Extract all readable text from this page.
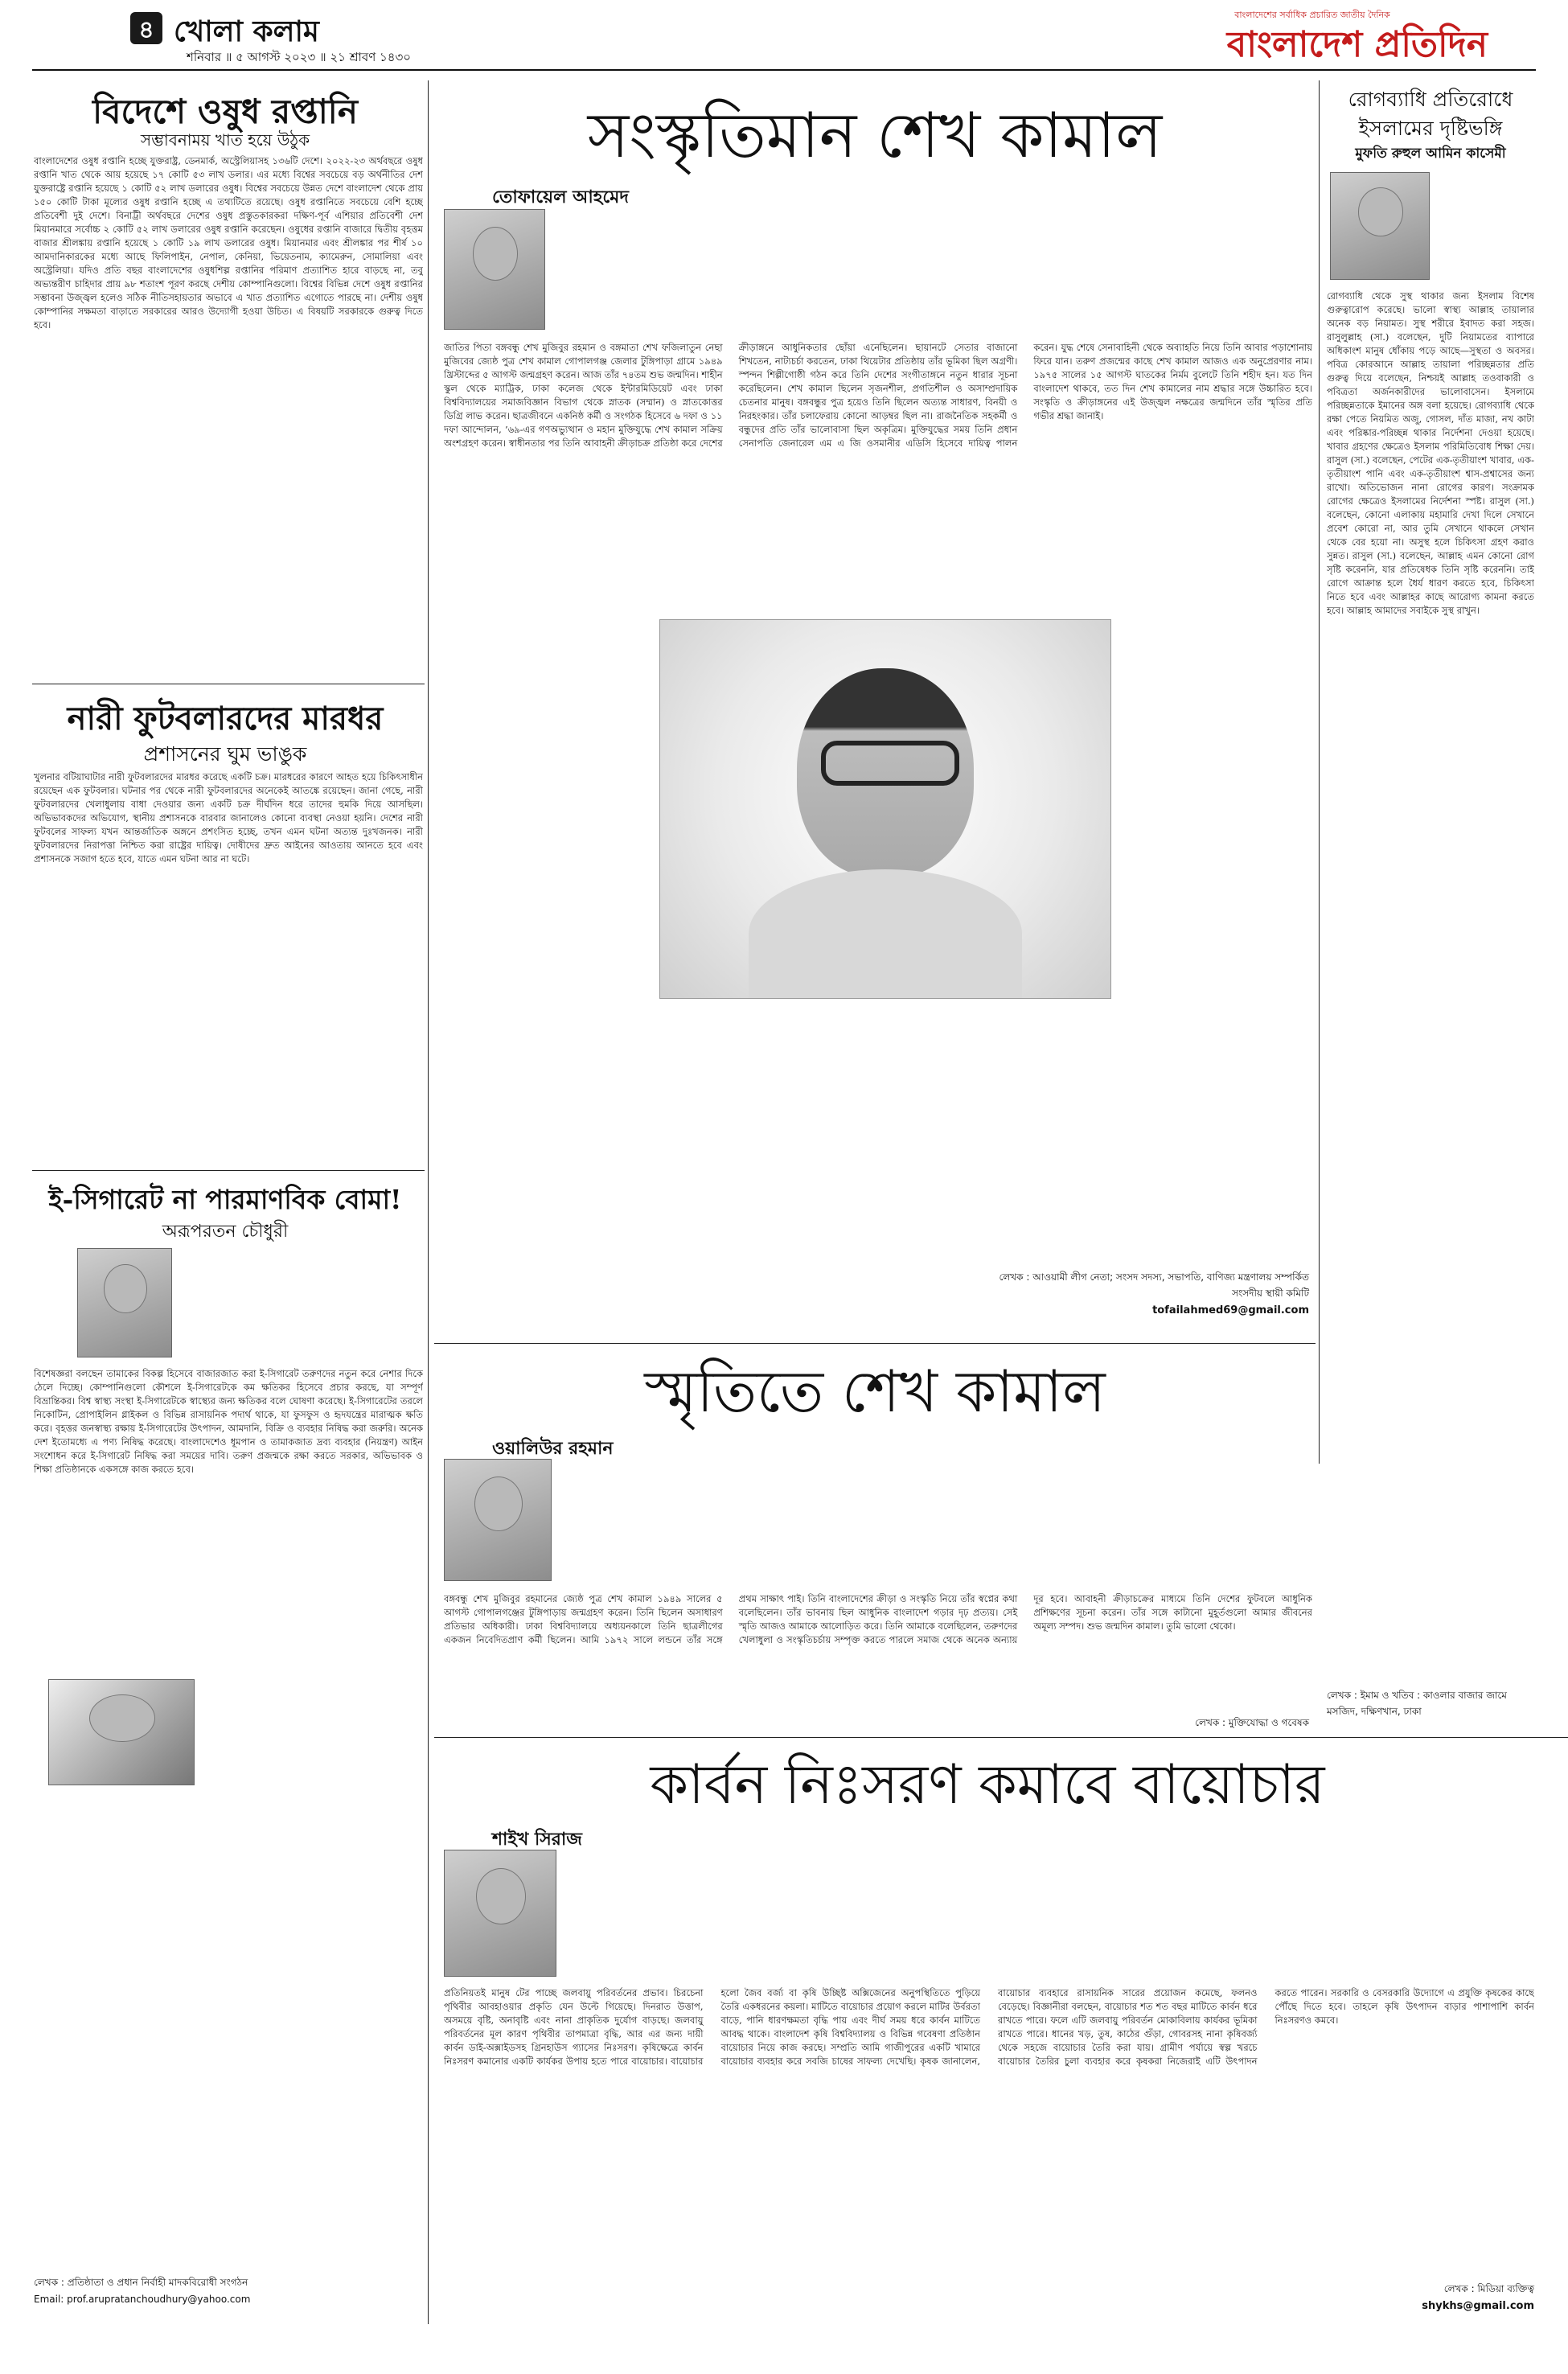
৪ খোলা কলাম
শনিবার ॥ ৫ আগস্ট ২০২৩ ॥ ২১ শ্রাবণ ১৪৩০
বাংলাদেশের সর্বাধিক প্রচারিত জাতীয় দৈনিক
বাংলাদেশ প্রতিদিন
বিদেশে ওষুধ রপ্তানি
সম্ভাবনাময় খাত হয়ে উঠুক
বাংলাদেশের ওষুধ রপ্তানি হচ্ছে যুক্তরাষ্ট্র, ডেনমার্ক, অস্ট্রেলিয়াসহ ১৩৬টি দেশে। ২০২২-২৩ অর্থবছরে ওষুধ রপ্তানি খাত থেকে আয় হয়েছে ১৭ কোটি ৫৩ লাখ ডলার। এর মধ্যে বিশ্বের সবচেয়ে বড় অর্থনীতির দেশ যুক্তরাষ্ট্রে রপ্তানি হয়েছে ১ কোটি ৫২ লাখ ডলারের ওষুধ। বিশ্বের সবচেয়ে উন্নত দেশে বাংলাদেশ থেকে প্রায় ১৫০ কোটি টাকা মূল্যের ওষুধ রপ্তানি হচ্ছে এ তথ্যটিতে রয়েছে। ওষুধ রপ্তানিতে সবচেয়ে বেশি হচ্ছে প্রতিবেশী দুই দেশে। বিনাট্রী অর্থবছরে দেশের ওষুধ প্রস্তুতকারকরা দক্ষিণ-পূর্ব এশিয়ার প্রতিবেশী দেশ মিয়ানমারে সর্বোচ্চ ২ কোটি ৫২ লাখ ডলারের ওষুধ রপ্তানি করেছেন। ওষুধের রপ্তানি বাজারে দ্বিতীয় বৃহত্তম বাজার শ্রীলঙ্কায় রপ্তানি হয়েছে ১ কোটি ১৯ লাখ ডলারের ওষুধ। মিয়ানমার এবং শ্রীলঙ্কার পর শীর্ষ ১০ আমদানিকারকের মধ্যে আছে ফিলিপাইন, নেপাল, কেনিয়া, ভিয়েতনাম, ক্যামেরুন, সোমালিয়া এবং অস্ট্রেলিয়া। যদিও প্রতি বছর বাংলাদেশের ওষুধশিল্প রপ্তানির পরিমাণ প্রত্যাশিত হারে বাড়ছে না, তবু অভ্যন্তরীণ চাহিদার প্রায় ৯৮ শতাংশ পূরণ করছে দেশীয় কোম্পানিগুলো। বিশ্বের বিভিন্ন দেশে ওষুধ রপ্তানির সম্ভাবনা উজ্জ্বল হলেও সঠিক নীতিসহায়তার অভাবে এ খাত প্রত্যাশিত এগোতে পারছে না। দেশীয় ওষুধ কোম্পানির সক্ষমতা বাড়াতে সরকারের আরও উদ্যোগী হওয়া উচিত। এ বিষয়টি সরকারকে গুরুত্ব দিতে হবে।
নারী ফুটবলারদের মারধর
প্রশাসনের ঘুম ভাঙুক
খুলনার বটিয়াঘাটার নারী ফুটবলারদের মারধর করেছে একটি চক্র। মারধরের কারণে আহত হয়ে চিকিৎসাধীন রয়েছেন এক ফুটবলার। ঘটনার পর থেকে নারী ফুটবলারদের অনেকেই আতঙ্কে রয়েছেন। জানা গেছে, নারী ফুটবলারদের খেলাধুলায় বাধা দেওয়ার জন্য একটি চক্র দীর্ঘদিন ধরে তাদের হুমকি দিয়ে আসছিল। অভিভাবকদের অভিযোগ, স্থানীয় প্রশাসনকে বারবার জানালেও কোনো ব্যবস্থা নেওয়া হয়নি। দেশের নারী ফুটবলের সাফল্য যখন আন্তর্জাতিক অঙ্গনে প্রশংসিত হচ্ছে, তখন এমন ঘটনা অত্যন্ত দুঃখজনক। নারী ফুটবলারদের নিরাপত্তা নিশ্চিত করা রাষ্ট্রের দায়িত্ব। দোষীদের দ্রুত আইনের আওতায় আনতে হবে এবং প্রশাসনকে সজাগ হতে হবে, যাতে এমন ঘটনা আর না ঘটে।
ই-সিগারেট না পারমাণবিক বোমা!
অরূপরতন চৌধুরী
বিশেষজ্ঞরা বলছেন তামাকের বিকল্প হিসেবে বাজারজাত করা ই-সিগারেট তরুণদের নতুন করে নেশার দিকে ঠেলে দিচ্ছে। কোম্পানিগুলো কৌশলে ই-সিগারেটকে কম ক্ষতিকর হিসেবে প্রচার করছে, যা সম্পূর্ণ বিভ্রান্তিকর। বিশ্ব স্বাস্থ্য সংস্থা ই-সিগারেটকে স্বাস্থ্যের জন্য ক্ষতিকর বলে ঘোষণা করেছে। ই-সিগারেটের তরলে নিকোটিন, প্রোপাইলিন গ্লাইকল ও বিভিন্ন রাসায়নিক পদার্থ থাকে, যা ফুসফুস ও হৃদযন্ত্রের মারাত্মক ক্ষতি করে। বৃহত্তর জনস্বাস্থ্য রক্ষায় ই-সিগারেটের উৎপাদন, আমদানি, বিক্রি ও ব্যবহার নিষিদ্ধ করা জরুরি। অনেক দেশ ইতোমধ্যে এ পণ্য নিষিদ্ধ করেছে। বাংলাদেশেও ধূমপান ও তামাকজাত দ্রব্য ব্যবহার (নিয়ন্ত্রণ) আইন সংশোধন করে ই-সিগারেট নিষিদ্ধ করা সময়ের দাবি। তরুণ প্রজন্মকে রক্ষা করতে সরকার, অভিভাবক ও শিক্ষা প্রতিষ্ঠানকে একসঙ্গে কাজ করতে হবে।
লেখক : প্রতিষ্ঠাতা ও প্রধান নির্বাহী মাদকবিরোধী সংগঠন
Email: prof.arupratanchoudhury@yahoo.com
সংস্কৃতিমান শেখ কামাল
তোফায়েল আহমেদ
জাতির পিতা বঙ্গবন্ধু শেখ মুজিবুর রহমান ও বঙ্গমাতা শেখ ফজিলাতুন নেছা মুজিবের জ্যেষ্ঠ পুত্র শেখ কামাল গোপালগঞ্জ জেলার টুঙ্গিপাড়া গ্রামে ১৯৪৯ খ্রিস্টাব্দের ৫ আগস্ট জন্মগ্রহণ করেন। আজ তাঁর ৭৪তম শুভ জন্মদিন। শাহীন স্কুল থেকে ম্যাট্রিক, ঢাকা কলেজ থেকে ইন্টারমিডিয়েট এবং ঢাকা বিশ্ববিদ্যালয়ের সমাজবিজ্ঞান বিভাগ থেকে স্নাতক (সম্মান) ও স্নাতকোত্তর ডিগ্রি লাভ করেন। ছাত্রজীবনে একনিষ্ঠ কর্মী ও সংগঠক হিসেবে ৬ দফা ও ১১ দফা আন্দোলন, ’৬৯-এর গণঅভ্যুত্থান ও মহান মুক্তিযুদ্ধে শেখ কামাল সক্রিয় অংশগ্রহণ করেন। স্বাধীনতার পর তিনি আবাহনী ক্রীড়াচক্র প্রতিষ্ঠা করে দেশের ক্রীড়াঙ্গনে আধুনিকতার ছোঁয়া এনেছিলেন। ছায়ানটে সেতার বাজানো শিখতেন, নাট্যচর্চা করতেন, ঢাকা থিয়েটার প্রতিষ্ঠায় তাঁর ভূমিকা ছিল অগ্রণী। স্পন্দন শিল্পীগোষ্ঠী গঠন করে তিনি দেশের সংগীতাঙ্গনে নতুন ধারার সূচনা করেছিলেন। শেখ কামাল ছিলেন সৃজনশীল, প্রগতিশীল ও অসাম্প্রদায়িক চেতনার মানুষ। বঙ্গবন্ধুর পুত্র হয়েও তিনি ছিলেন অত্যন্ত সাধারণ, বিনয়ী ও নিরহংকার। তাঁর চলাফেরায় কোনো আড়ম্বর ছিল না। রাজনৈতিক সহকর্মী ও বন্ধুদের প্রতি তাঁর ভালোবাসা ছিল অকৃত্রিম। মুক্তিযুদ্ধের সময় তিনি প্রধান সেনাপতি জেনারেল এম এ জি ওসমানীর এডিসি হিসেবে দায়িত্ব পালন করেন। যুদ্ধ শেষে সেনাবাহিনী থেকে অব্যাহতি নিয়ে তিনি আবার পড়াশোনায় ফিরে যান। তরুণ প্রজন্মের কাছে শেখ কামাল আজও এক অনুপ্রেরণার নাম। ১৯৭৫ সালের ১৫ আগস্ট ঘাতকের নির্মম বুলেটে তিনি শহীদ হন। যত দিন বাংলাদেশ থাকবে, তত দিন শেখ কামালের নাম শ্রদ্ধার সঙ্গে উচ্চারিত হবে। সংস্কৃতি ও ক্রীড়াঙ্গনের এই উজ্জ্বল নক্ষত্রের জন্মদিনে তাঁর স্মৃতির প্রতি গভীর শ্রদ্ধা জানাই।
লেখক : আওয়ামী লীগ নেতা; সংসদ সদস্য, সভাপতি, বাণিজ্য মন্ত্রণালয় সম্পর্কিত সংসদীয় স্থায়ী কমিটি
tofailahmed69@gmail.com
স্মৃতিতে শেখ কামাল
ওয়ালিউর রহমান
বঙ্গবন্ধু শেখ মুজিবুর রহমানের জ্যেষ্ঠ পুত্র শেখ কামাল ১৯৪৯ সালের ৫ আগস্ট গোপালগঞ্জের টুঙ্গিপাড়ায় জন্মগ্রহণ করেন। তিনি ছিলেন অসাধারণ প্রতিভার অধিকারী। ঢাকা বিশ্ববিদ্যালয়ে অধ্যয়নকালে তিনি ছাত্রলীগের একজন নিবেদিতপ্রাণ কর্মী ছিলেন। আমি ১৯৭২ সালে লন্ডনে তাঁর সঙ্গে প্রথম সাক্ষাৎ পাই। তিনি বাংলাদেশের ক্রীড়া ও সংস্কৃতি নিয়ে তাঁর স্বপ্নের কথা বলেছিলেন। তাঁর ভাবনায় ছিল আধুনিক বাংলাদেশ গড়ার দৃঢ় প্রত্যয়। সেই স্মৃতি আজও আমাকে আলোড়িত করে। তিনি আমাকে বলেছিলেন, তরুণদের খেলাধুলা ও সংস্কৃতিচর্চায় সম্পৃক্ত করতে পারলে সমাজ থেকে অনেক অন্যায় দূর হবে। আবাহনী ক্রীড়াচক্রের মাধ্যমে তিনি দেশের ফুটবলে আধুনিক প্রশিক্ষণের সূচনা করেন। তাঁর সঙ্গে কাটানো মুহূর্তগুলো আমার জীবনের অমূল্য সম্পদ। শুভ জন্মদিন কামাল। তুমি ভালো থেকো।
লেখক : মুক্তিযোদ্ধা ও গবেষক
কার্বন নিঃসরণ কমাবে বায়োচার
শাইখ সিরাজ
প্রতিনিয়তই মানুষ টের পাচ্ছে জলবায়ু পরিবর্তনের প্রভাব। চিরচেনা পৃথিবীর আবহাওয়ার প্রকৃতি যেন উল্টে গিয়েছে। দিনরাত উত্তাপ, অসময়ে বৃষ্টি, অনাবৃষ্টি এবং নানা প্রাকৃতিক দুর্যোগ বাড়ছে। জলবায়ু পরিবর্তনের মূল কারণ পৃথিবীর তাপমাত্রা বৃদ্ধি, আর এর জন্য দায়ী কার্বন ডাই-অক্সাইডসহ গ্রিনহাউস গ্যাসের নিঃসরণ। কৃষিক্ষেত্রে কার্বন নিঃসরণ কমানোর একটি কার্যকর উপায় হতে পারে বায়োচার। বায়োচার হলো জৈব বর্জ্য বা কৃষি উচ্ছিষ্ট অক্সিজেনের অনুপস্থিতিতে পুড়িয়ে তৈরি একধরনের কয়লা। মাটিতে বায়োচার প্রয়োগ করলে মাটির উর্বরতা বাড়ে, পানি ধারণক্ষমতা বৃদ্ধি পায় এবং দীর্ঘ সময় ধরে কার্বন মাটিতে আবদ্ধ থাকে। বাংলাদেশ কৃষি বিশ্ববিদ্যালয় ও বিভিন্ন গবেষণা প্রতিষ্ঠান বায়োচার নিয়ে কাজ করছে। সম্প্রতি আমি গাজীপুরের একটি খামারে বায়োচার ব্যবহার করে সবজি চাষের সাফল্য দেখেছি। কৃষক জানালেন, বায়োচার ব্যবহারে রাসায়নিক সারের প্রয়োজন কমেছে, ফলনও বেড়েছে। বিজ্ঞানীরা বলছেন, বায়োচার শত শত বছর মাটিতে কার্বন ধরে রাখতে পারে। ফলে এটি জলবায়ু পরিবর্তন মোকাবিলায় কার্যকর ভূমিকা রাখতে পারে। ধানের খড়, তুষ, কাঠের গুঁড়া, গোবরসহ নানা কৃষিবর্জ্য থেকে সহজে বায়োচার তৈরি করা যায়। গ্রামীণ পর্যায়ে স্বল্প খরচে বায়োচার তৈরির চুলা ব্যবহার করে কৃষকরা নিজেরাই এটি উৎপাদন করতে পারেন। সরকারি ও বেসরকারি উদ্যোগে এ প্রযুক্তি কৃষকের কাছে পৌঁছে দিতে হবে। তাহলে কৃষি উৎপাদন বাড়ার পাশাপাশি কার্বন নিঃসরণও কমবে।
লেখক : মিডিয়া ব্যক্তিত্ব
shykhs@gmail.com
রোগব্যাধি প্রতিরোধে
ইসলামের দৃষ্টিভঙ্গি
মুফতি রুহুল আমিন কাসেমী
রোগব্যাধি থেকে সুস্থ থাকার জন্য ইসলাম বিশেষ গুরুত্বারোপ করেছে। ভালো স্বাস্থ্য আল্লাহ তায়ালার অনেক বড় নিয়ামত। সুস্থ শরীরে ইবাদত করা সহজ। রাসুলুল্লাহ (সা.) বলেছেন, দুটি নিয়ামতের ব্যাপারে অধিকাংশ মানুষ ধোঁকায় পড়ে আছে—সুস্থতা ও অবসর। পবিত্র কোরআনে আল্লাহ তায়ালা পরিচ্ছন্নতার প্রতি গুরুত্ব দিয়ে বলেছেন, নিশ্চয়ই আল্লাহ তওবাকারী ও পবিত্রতা অর্জনকারীদের ভালোবাসেন। ইসলামে পরিচ্ছন্নতাকে ইমানের অঙ্গ বলা হয়েছে। রোগব্যাধি থেকে রক্ষা পেতে নিয়মিত অজু, গোসল, দাঁত মাজা, নখ কাটা এবং পরিষ্কার-পরিচ্ছন্ন থাকার নির্দেশনা দেওয়া হয়েছে। খাবার গ্রহণের ক্ষেত্রেও ইসলাম পরিমিতিবোধ শিক্ষা দেয়। রাসুল (সা.) বলেছেন, পেটের এক-তৃতীয়াংশ খাবার, এক-তৃতীয়াংশ পানি এবং এক-তৃতীয়াংশ শ্বাস-প্রশ্বাসের জন্য রাখো। অতিভোজন নানা রোগের কারণ। সংক্রামক রোগের ক্ষেত্রেও ইসলামের নির্দেশনা স্পষ্ট। রাসুল (সা.) বলেছেন, কোনো এলাকায় মহামারি দেখা দিলে সেখানে প্রবেশ কোরো না, আর তুমি সেখানে থাকলে সেখান থেকে বের হয়ো না। অসুস্থ হলে চিকিৎসা গ্রহণ করাও সুন্নত। রাসুল (সা.) বলেছেন, আল্লাহ এমন কোনো রোগ সৃষ্টি করেননি, যার প্রতিষেধক তিনি সৃষ্টি করেননি। তাই রোগে আক্রান্ত হলে ধৈর্য ধারণ করতে হবে, চিকিৎসা নিতে হবে এবং আল্লাহর কাছে আরোগ্য কামনা করতে হবে। আল্লাহ আমাদের সবাইকে সুস্থ রাখুন।
লেখক : ইমাম ও খতিব : কাওলার বাজার জামে মসজিদ, দক্ষিণখান, ঢাকা
